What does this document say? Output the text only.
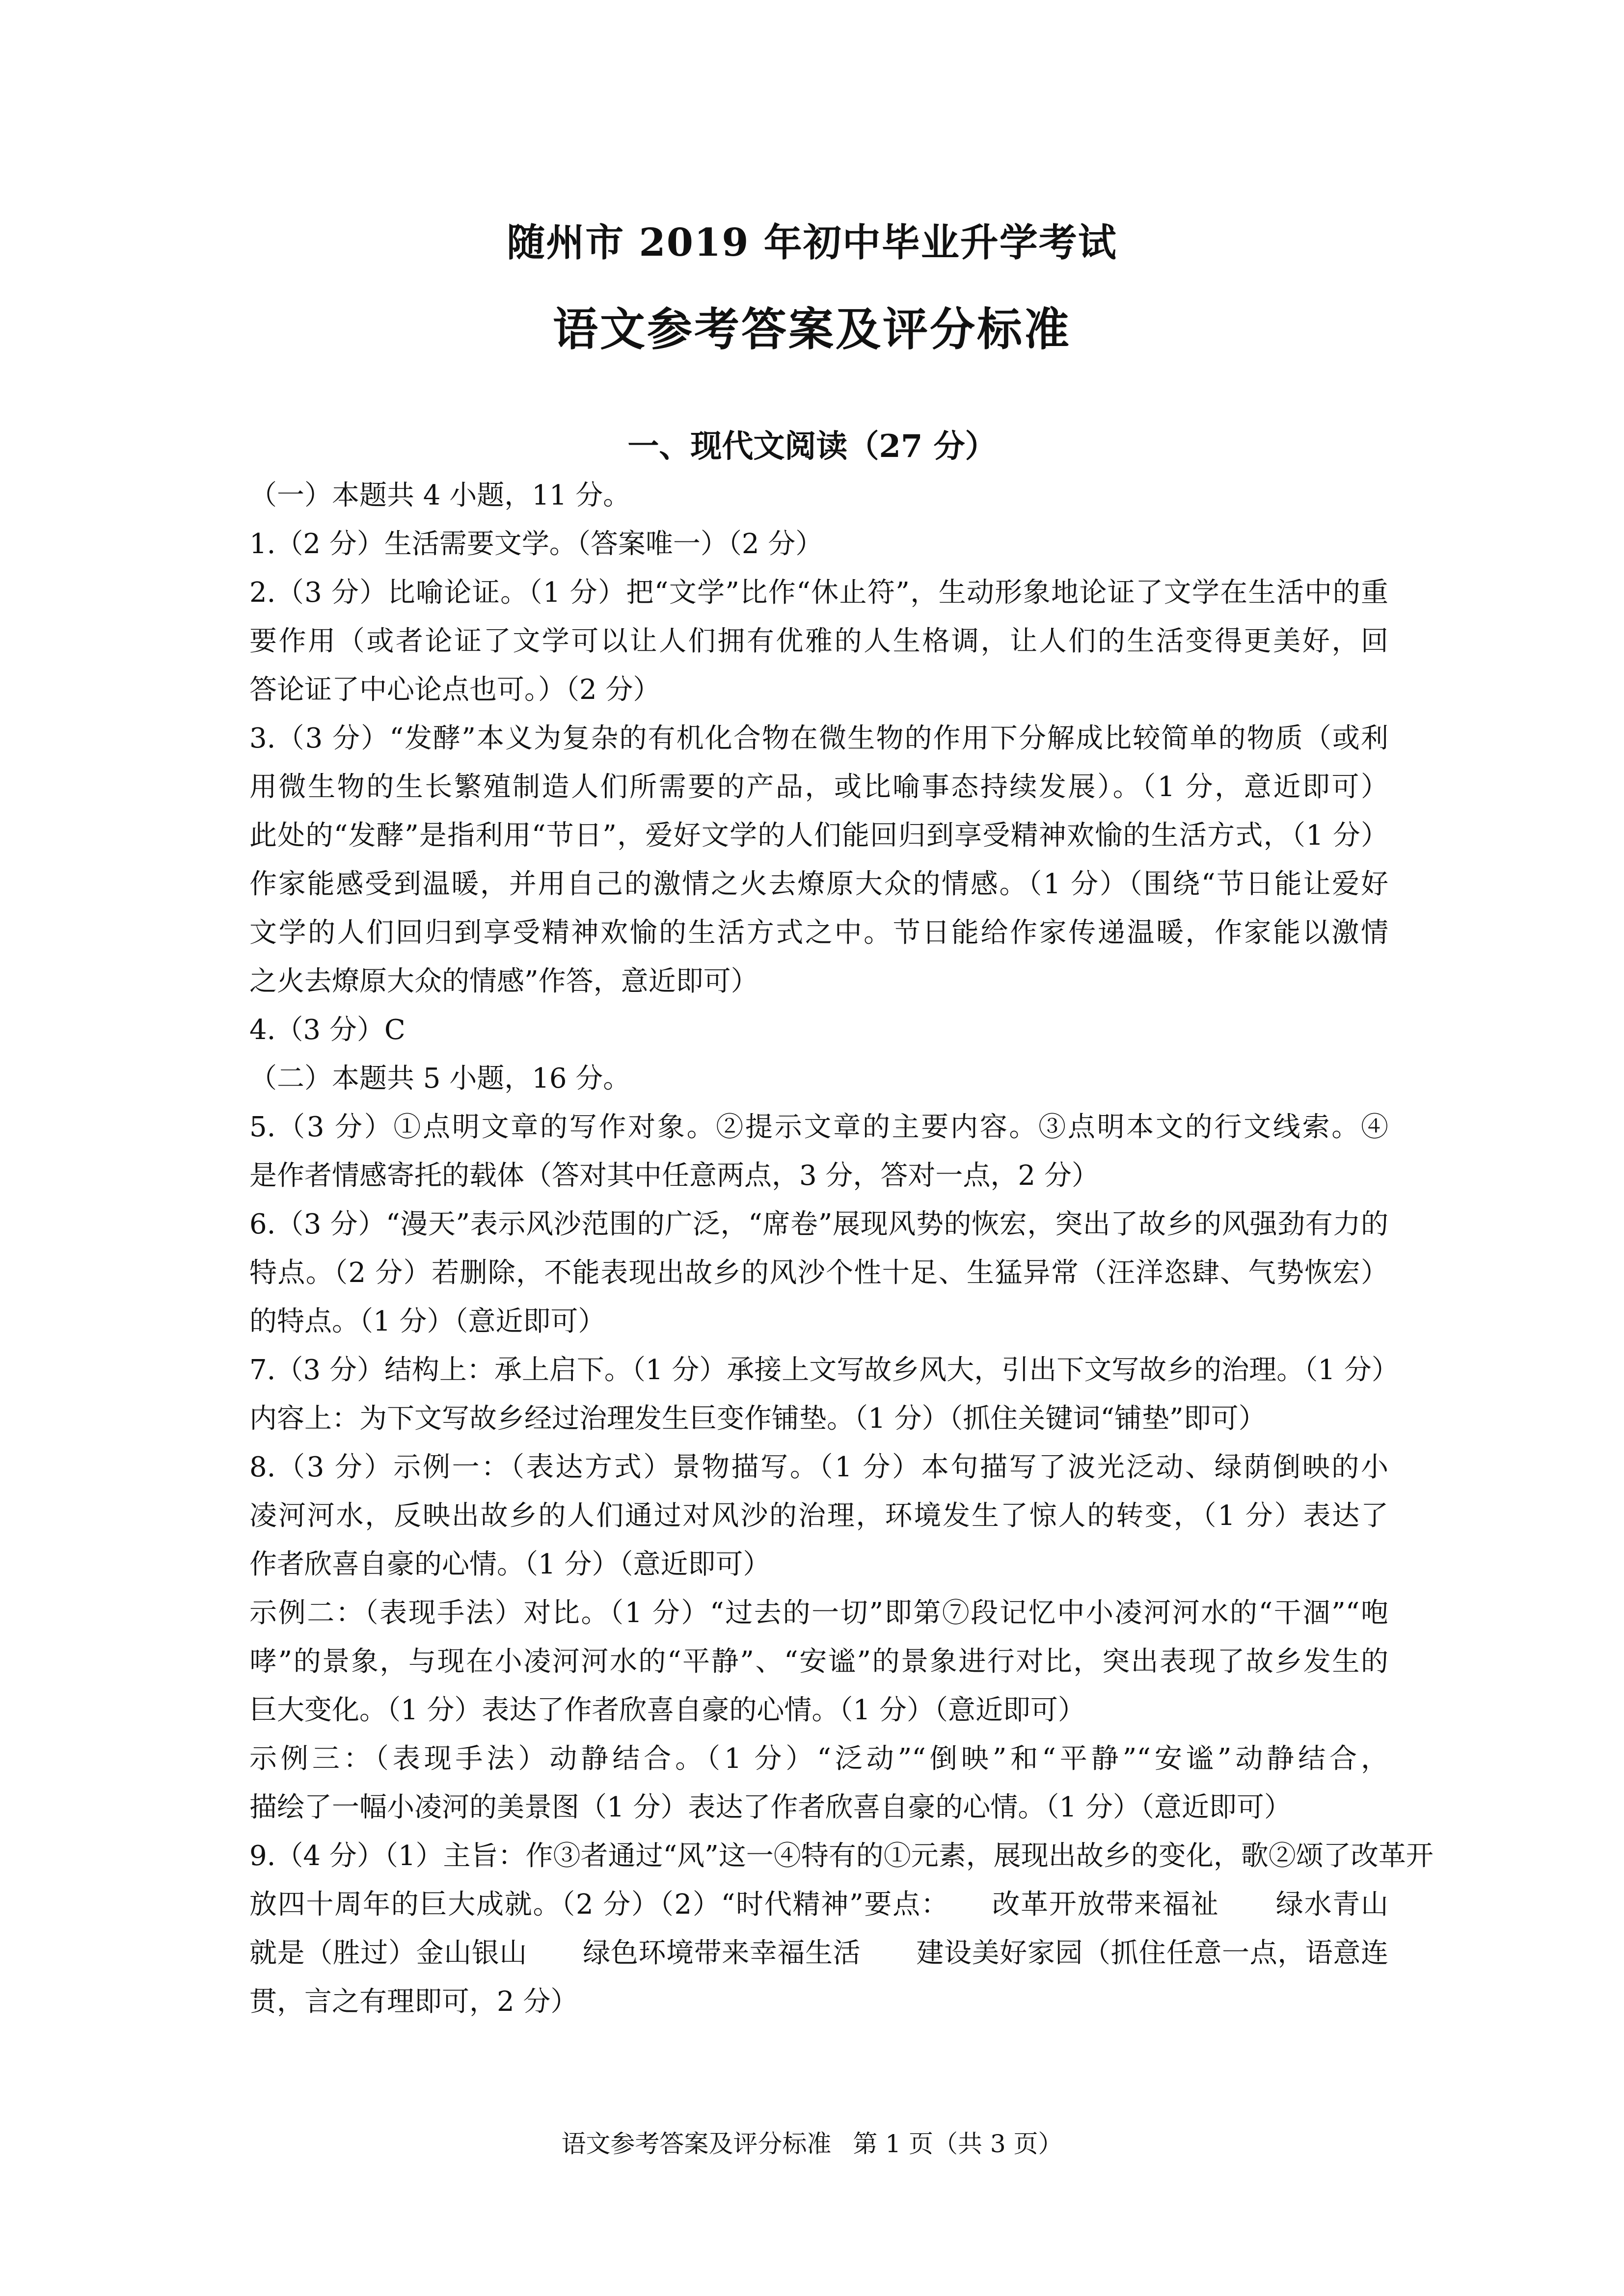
随州市 2019 年初中毕业升学考试
语文参考答案及评分标准
一、现代文阅读（27 分）
（一）本题共 4 小题，11 分。
1.（2 分）生活需要文学。（答案唯一）（2 分）
2.（3 分）比喻论证。（1 分）把“文学”比作“休止符”，生动形象地论证了文学在生活中的重
要作用（或者论证了文学可以让人们拥有优雅的人生格调，让人们的生活变得更美好，回
答论证了中心论点也可。）（2 分）
3.（3 分）“发酵”本义为复杂的有机化合物在微生物的作用下分解成比较简单的物质（或利
用微生物的生长繁殖制造人们所需要的产品，或比喻事态持续发展）。（1 分，意近即可）
此处的“发酵”是指利用“节日”，爱好文学的人们能回归到享受精神欢愉的生活方式，（1 分）
作家能感受到温暖，并用自己的激情之火去燎原大众的情感。（1 分）（围绕“节日能让爱好
文学的人们回归到享受精神欢愉的生活方式之中。节日能给作家传递温暖，作家能以激情
之火去燎原大众的情感”作答，意近即可）
4.（3 分）C
（二）本题共 5 小题，16 分。
5.（3 分）①点明文章的写作对象。②提示文章的主要内容。③点明本文的行文线索。④
是作者情感寄托的载体（答对其中任意两点，3 分，答对一点，2 分）
6.（3 分）“漫天”表示风沙范围的广泛，“席卷”展现风势的恢宏，突出了故乡的风强劲有力的
特点。（2 分）若删除，不能表现出故乡的风沙个性十足、生猛异常（汪洋恣肆、气势恢宏）
的特点。（1 分）（意近即可）
7.（3 分）结构上：承上启下。（1 分）承接上文写故乡风大，引出下文写故乡的治理。（1 分）
内容上：为下文写故乡经过治理发生巨变作铺垫。（1 分）（抓住关键词“铺垫”即可）
8.（3 分）示例一：（表达方式）景物描写。（1 分）本句描写了波光泛动、绿荫倒映的小
凌河河水，反映出故乡的人们通过对风沙的治理，环境发生了惊人的转变，（1 分）表达了
作者欣喜自豪的心情。（1 分）（意近即可）
示例二：（表现手法）对比。（1 分）“过去的一切”即第⑦段记忆中小凌河河水的“干涸”“咆
哮”的景象，与现在小凌河河水的“平静”、“安谧”的景象进行对比，突出表现了故乡发生的
巨大变化。（1 分）表达了作者欣喜自豪的心情。（1 分）（意近即可）
示例三：（表现手法）动静结合。（1 分）“泛动”“倒映”和“平静”“安谧”动静结合，
描绘了一幅小凌河的美景图（1 分）表达了作者欣喜自豪的心情。（1 分）（意近即可）
9.（4 分）（1）主旨：作③者通过“风”这一④特有的①元素，展现出故乡的变化，歌②颂了改革开
放四十周年的巨大成就。（2 分）（2）“时代精神”要点：　　改革开放带来福祉　　绿水青山
就是（胜过）金山银山　　绿色环境带来幸福生活　　建设美好家园（抓住任意一点，语意连
贯，言之有理即可，2 分）
语文参考答案及评分标准 第 1 页（共 3 页）
